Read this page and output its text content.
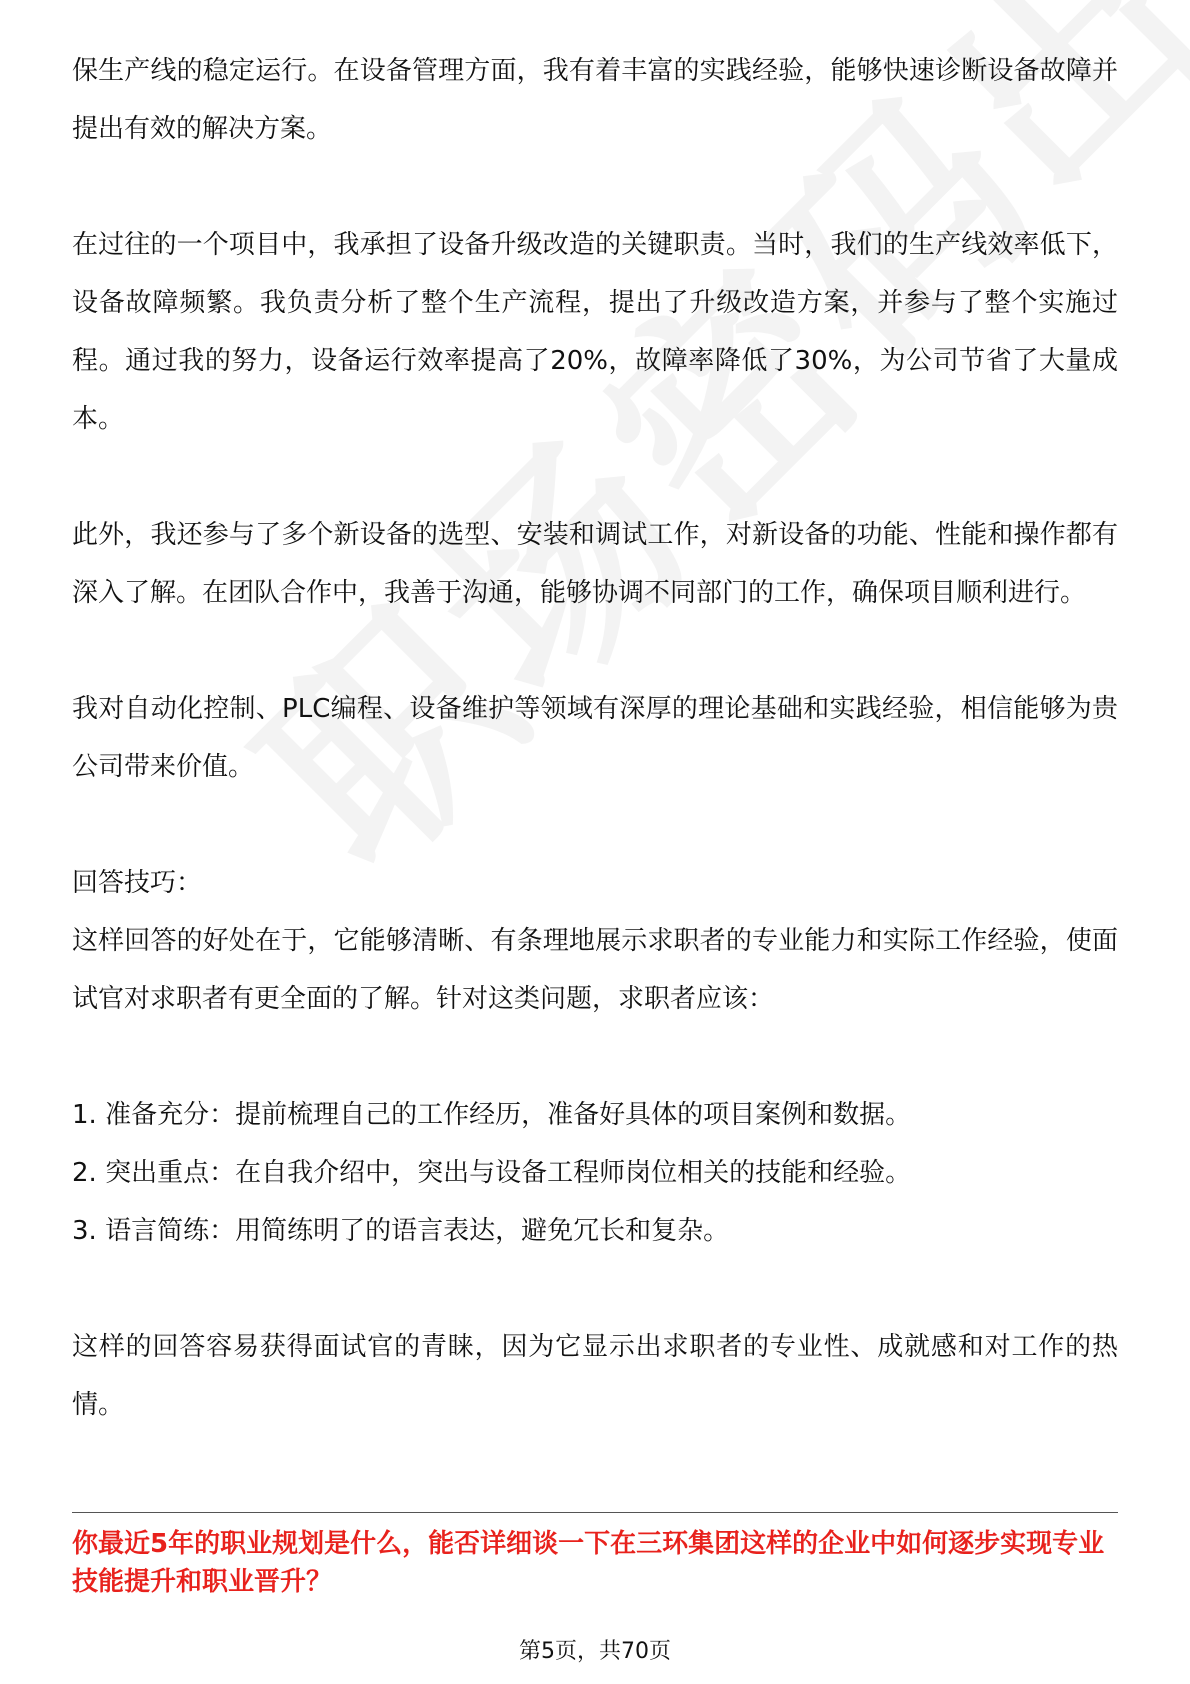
保生产线的稳定运行。在设备管理方面，我有着丰富的实践经验，能够快速诊断设备故障并提出有效的解决方案。

在过往的一个项目中，我承担了设备升级改造的关键职责。当时，我们的生产线效率低下，设备故障频繁。我负责分析了整个生产流程，提出了升级改造方案，并参与了整个实施过程。通过我的努力，设备运行效率提高了20%，故障率降低了30%，为公司节省了大量成本。

此外，我还参与了多个新设备的选型、安装和调试工作，对新设备的功能、性能和操作都有深入了解。在团队合作中，我善于沟通，能够协调不同部门的工作，确保项目顺利进行。

我对自动化控制、PLC编程、设备维护等领域有深厚的理论基础和实践经验，相信能够为贵公司带来价值。

回答技巧：

这样回答的好处在于，它能够清晰、有条理地展示求职者的专业能力和实际工作经验，使面试官对求职者有更全面的了解。针对这类问题，求职者应该：

1. 准备充分：提前梳理自己的工作经历，准备好具体的项目案例和数据。
2. 突出重点：在自我介绍中，突出与设备工程师岗位相关的技能和经验。
3. 语言简练：用简练明了的语言表达，避免冗长和复杂。

这样的回答容易获得面试官的青睐，因为它显示出求职者的专业性、成就感和对工作的热情。

你最近5年的职业规划是什么，能否详细谈一下在三环集团这样的企业中如何逐步实现专业技能提升和职业晋升？
第5页，共70页
